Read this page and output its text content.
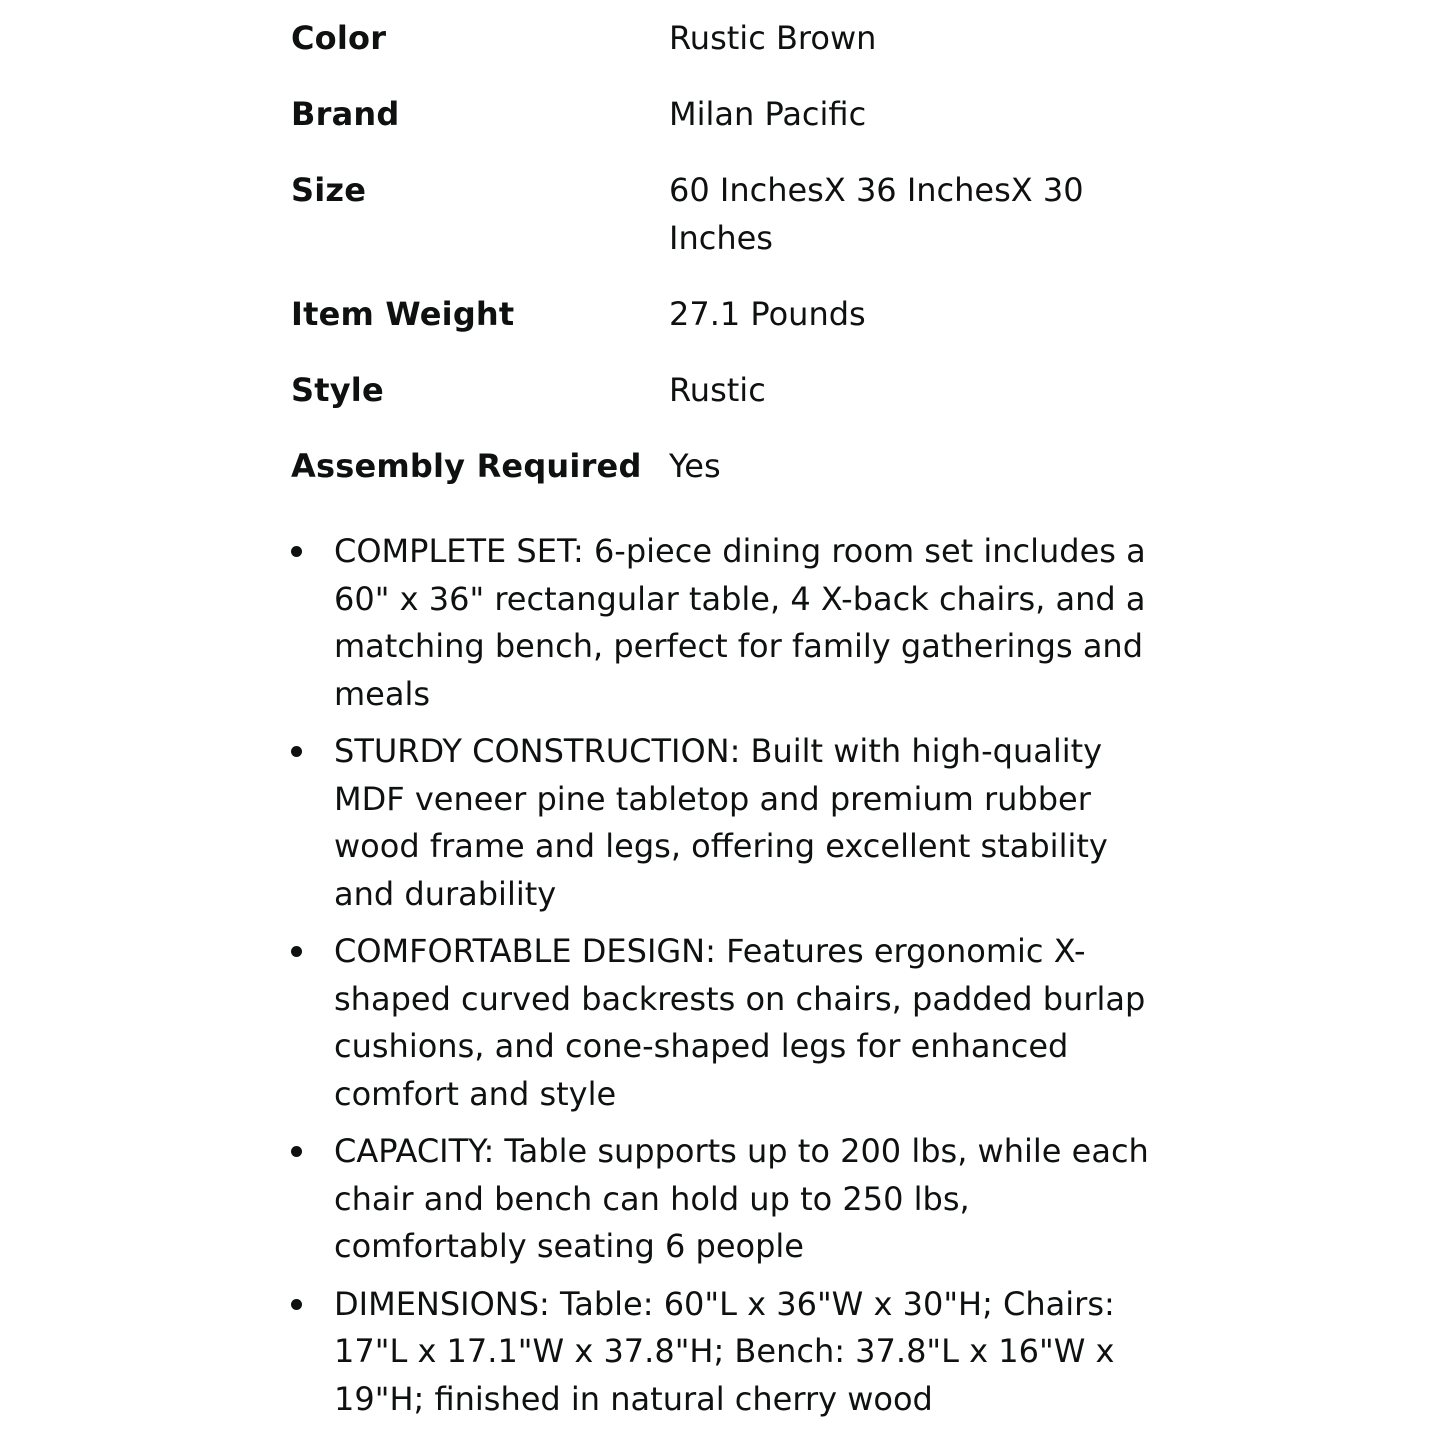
Color	Rustic Brown
Brand	Milan Pacific
Size	60 InchesX 36 InchesX 30 Inches
Item Weight	27.1 Pounds
Style	Rustic
Assembly Required Yes
COMPLETE SET: 6-piece dining room set includes a 60" x 36" rectangular table, 4 X-back chairs, and a matching bench, perfect for family gatherings and meals
STURDY CONSTRUCTION: Built with high-quality MDF veneer pine tabletop and premium rubber wood frame and legs, offering excellent stability and durability
COMFORTABLE DESIGN: Features ergonomic X-shaped curved backrests on chairs, padded burlap cushions, and cone-shaped legs for enhanced comfort and style
CAPACITY: Table supports up to 200 lbs, while each chair and bench can hold up to 250 lbs, comfortably seating 6 people
DIMENSIONS: Table: 60"L x 36"W x 30"H; Chairs: 17"L x 17.1"W x 37.8"H; Bench: 37.8"L x 16"W x 19"H; finished in natural cherry wood
